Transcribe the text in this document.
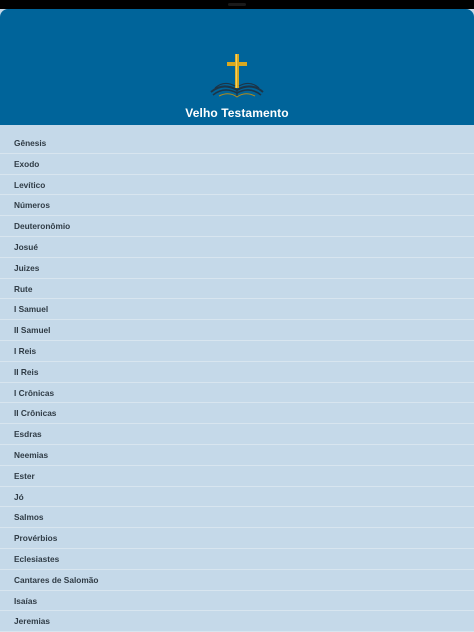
Velho Testamento
Gênesis
Exodo
Levítico
Números
Deuteronômio
Josué
Juizes
Rute
I Samuel
II Samuel
I Reis
II Reis
I Crônicas
II Crônicas
Esdras
Neemias
Ester
Jó
Salmos
Provérbios
Eclesiastes
Cantares de Salomão
Isaías
Jeremias
